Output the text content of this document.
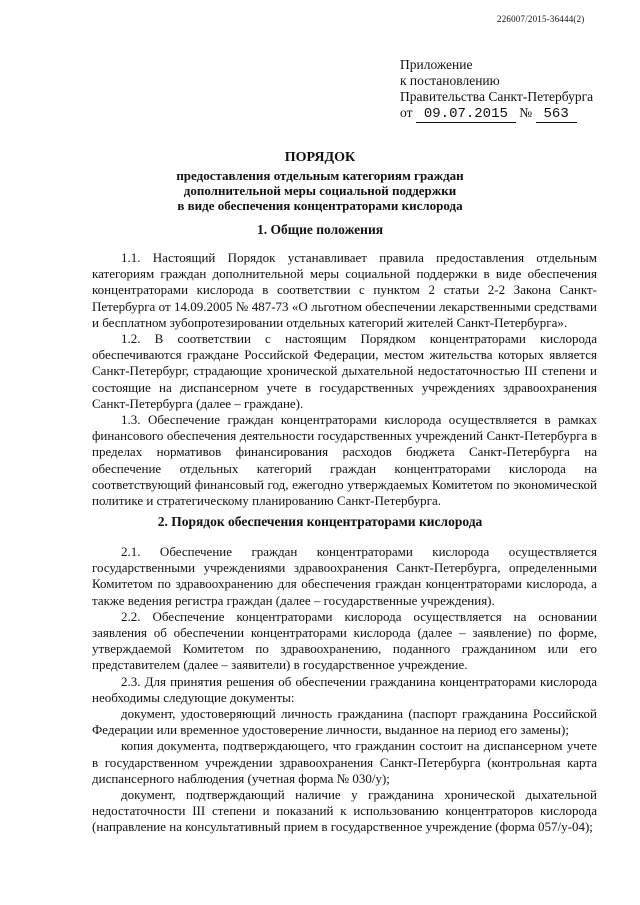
226007/2015-36444(2)
Приложение
к постановлению
Правительства Санкт-Петербурга
от 09.07.2015 № 563
ПОРЯДОК
предоставления отдельным категориям граждан
дополнительной меры социальной поддержки
в виде обеспечения концентраторами кислорода
1. Общие положения

1.1. Настоящий Порядок устанавливает правила предоставления отдельным категориям граждан дополнительной меры социальной поддержки в виде обеспечения концентраторами кислорода в соответствии с пунктом 2 статьи 2-2 Закона Санкт-Петербурга от 14.09.2005 № 487-73 «О льготном обеспечении лекарственными средствами и бесплатном зубопротезировании отдельных категорий жителей Санкт-Петербурга».

1.2. В соответствии с настоящим Порядком концентраторами кислорода обеспечиваются граждане Российской Федерации, местом жительства которых является Санкт-Петербург, страдающие хронической дыхательной недостаточностью III степени и состоящие на диспансерном учете в государственных учреждениях здравоохранения Санкт-Петербурга (далее – граждане).

1.3. Обеспечение граждан концентраторами кислорода осуществляется в рамках финансового обеспечения деятельности государственных учреждений Санкт-Петербурга в пределах нормативов финансирования расходов бюджета Санкт-Петербурга на обеспечение отдельных категорий граждан концентраторами кислорода на соответствующий финансовый год, ежегодно утверждаемых Комитетом по экономической политике и стратегическому планированию Санкт-Петербурга.

2. Порядок обеспечения концентраторами кислорода

2.1. Обеспечение граждан концентраторами кислорода осуществляется государственными учреждениями здравоохранения Санкт-Петербурга, определенными Комитетом по здравоохранению для обеспечения граждан концентраторами кислорода, а также ведения регистра граждан (далее – государственные учреждения).

2.2. Обеспечение концентраторами кислорода осуществляется на основании заявления об обеспечении концентраторами кислорода (далее – заявление) по форме, утверждаемой Комитетом по здравоохранению, поданного гражданином или его представителем (далее – заявители) в государственное учреждение.

2.3. Для принятия решения об обеспечении гражданина концентраторами кислорода необходимы следующие документы:

документ, удостоверяющий личность гражданина (паспорт гражданина Российской Федерации или временное удостоверение личности, выданное на период его замены);

копия документа, подтверждающего, что гражданин состоит на диспансерном учете в государственном учреждении здравоохранения Санкт-Петербурга (контрольная карта диспансерного наблюдения (учетная форма № 030/у);

документ, подтверждающий наличие у гражданина хронической дыхательной недостаточности III степени и показаний к использованию концентраторов кислорода (направление на консультативный прием в государственное учреждение (форма 057/у-04);
